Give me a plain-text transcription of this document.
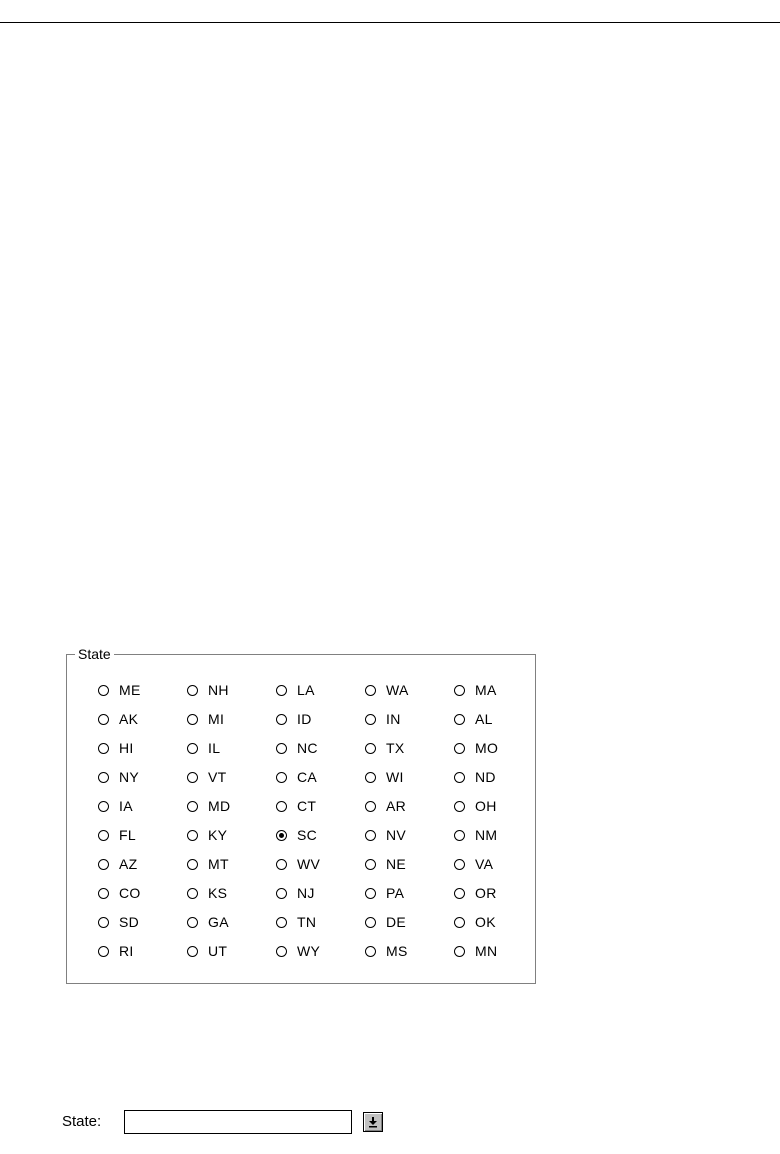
State
ME	NH	LA	WA	MA
AK	MI	ID	IN	AL
HI	IL	NC	TX	MO
NY	VT	CA	WI	ND
IA	MD	CT	AR	OH
FL	KY	SC	NV	NM
AZ	MT	WV	NE	VA
CO	KS	NJ	PA	OR
SD	GA	TN	DE	OK
RI	UT	WY	MS	MN
State:
